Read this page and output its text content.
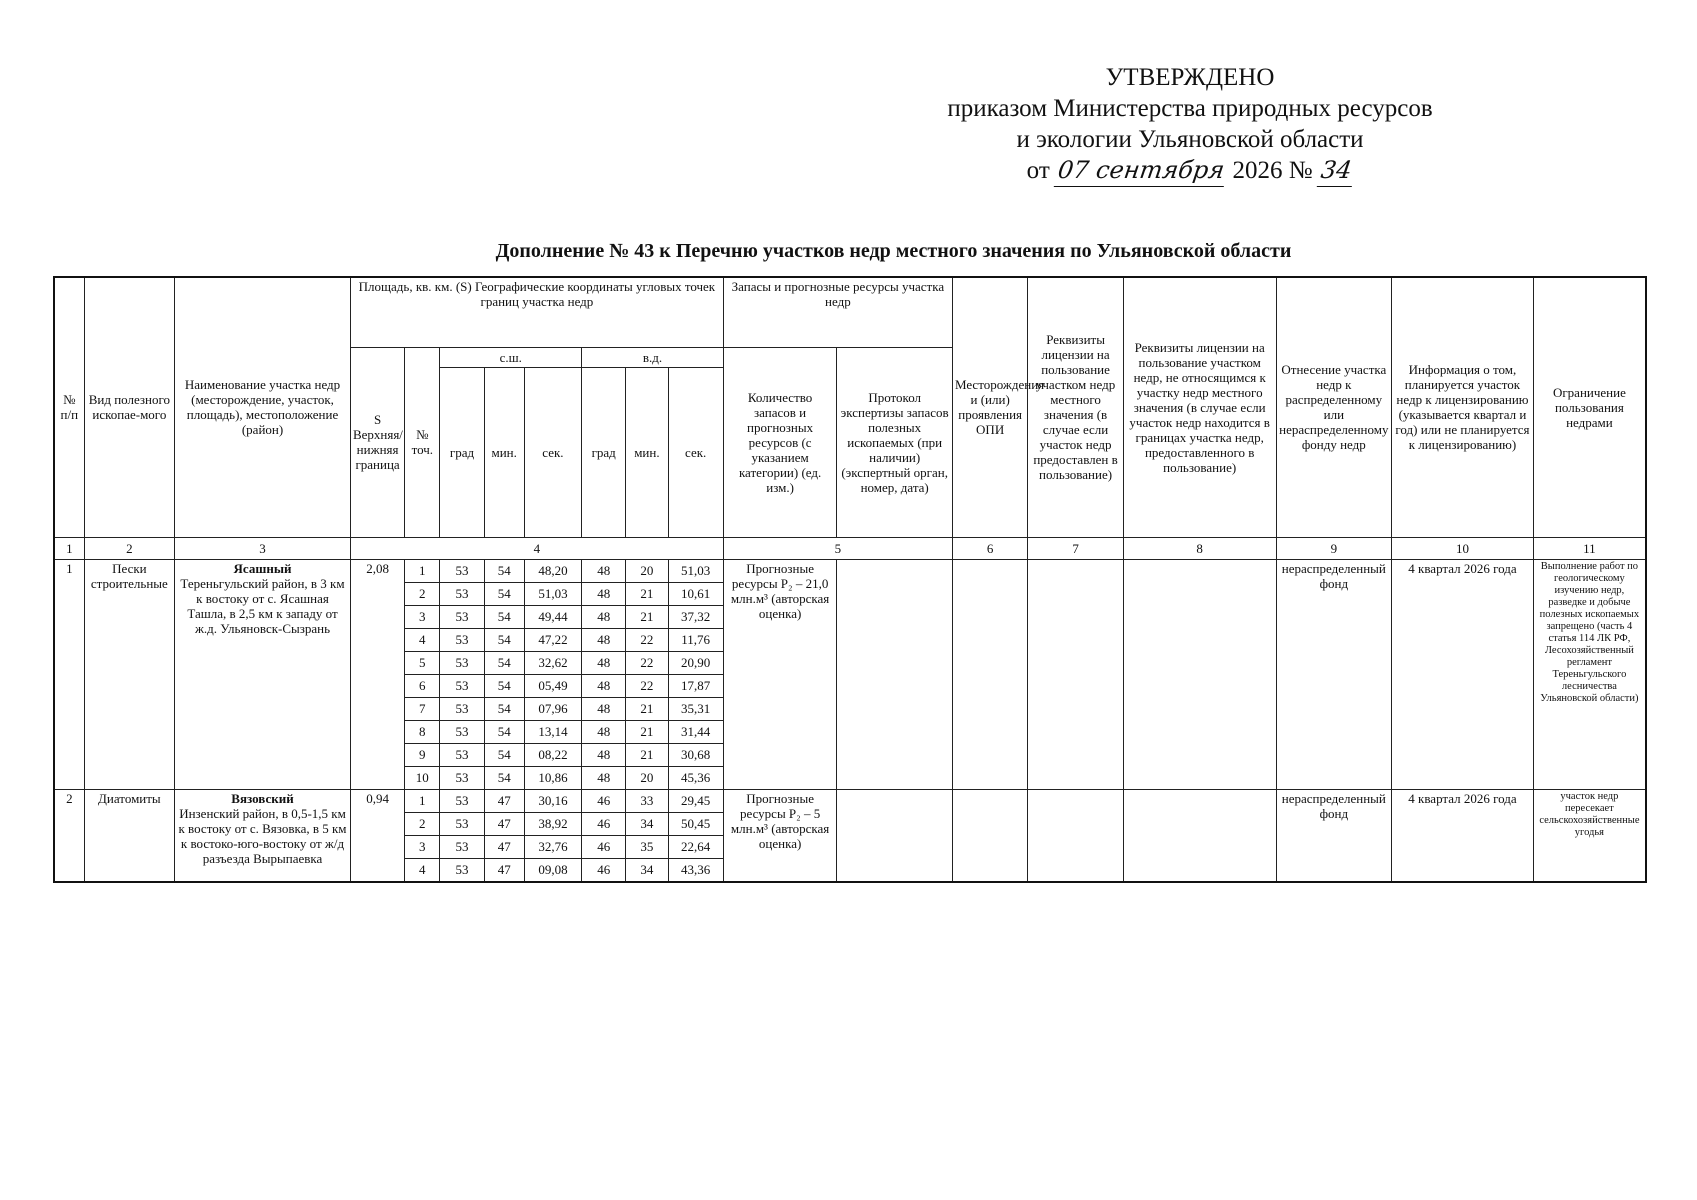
УТВЕРЖДЕНО
приказом Министерства природных ресурсов
и экологии Ульяновской области
от 07 сентября 2026 № 34
Дополнение № 43 к Перечню участков недр местного значения по Ульяновской области
№ п/п	Вид полезного ископае-мого	Наименование участка недр (месторождение, участок, площадь), местоположение (район)	Площадь, кв. км. (S) Географические координаты угловых точек границ участка недр								Запасы и прогнозные ресурсы участка недр		Месторождения и (или) проявления ОПИ	Реквизиты лицензии на пользование участком недр местного значения (в случае если участок недр предоставлен в пользование)	Реквизиты лицензии на пользование участком недр, не относящимся к участку недр местного значения (в случае если участок недр находится в границах участка недр, предоставленного в пользование)	Отнесение участка недр к распределенному или нераспределенному фонду недр	Информация о том, планируется участок недр к лицензированию (указывается квартал и год) или не планируется к лицензированию)	Ограничение пользования недрами
			S Верхняя/нижняя граница	№ точ.	с.ш.			в.д.			Количество запасов и прогнозных ресурсов (с указанием категории) (ед. изм.)	Протокол экспертизы запасов полезных ископаемых (при наличии) (экспертный орган, номер, дата)						
					град	мин.	сек.	град	мин.	сек.								
1	2	3	4								5		6	7	8	9	10	11
1	Пески строительные	Ясашный
Тереньгульский район, в 3 км к востоку от с. Ясашная Ташла, в 2,5 км к западу от ж.д. Ульяновск-Сызрань	2,08	1	53	54	48,20	48	20	51,03	Прогнозные ресурсы P₂ – 21,0 млн.м³ (авторская оценка)					нераспределенный фонд	4 квартал 2026 года	Выполнение работ по геологическому изучению недр, разведке и добыче полезных ископаемых запрещено (часть 4 статья 114 ЛК РФ, Лесохозяйственный регламент Тереньгульского лесничества Ульяновской области)
				2	53	54	51,03	48	21	10,61								
				3	53	54	49,44	48	21	37,32								
				4	53	54	47,22	48	22	11,76								
				5	53	54	32,62	48	22	20,90								
				6	53	54	05,49	48	22	17,87								
				7	53	54	07,96	48	21	35,31								
				8	53	54	13,14	48	21	31,44								
				9	53	54	08,22	48	21	30,68								
				10	53	54	10,86	48	20	45,36								
2	Диатомиты	Вязовский
Инзенский район, в 0,5-1,5 км к востоку от с. Вязовка, в 5 км к востоко-юго-востоку от ж/д разъезда Вырыпаевка	0,94	1	53	47	30,16	46	33	29,45	Прогнозные ресурсы P₂ – 5 млн.м³ (авторская оценка)					нераспределенный фонд	4 квартал 2026 года	участок недр пересекает сельскохозяйственные угодья
				2	53	47	38,92	46	34	50,45								
				3	53	47	32,76	46	35	22,64								
				4	53	47	09,08	46	34	43,36								
